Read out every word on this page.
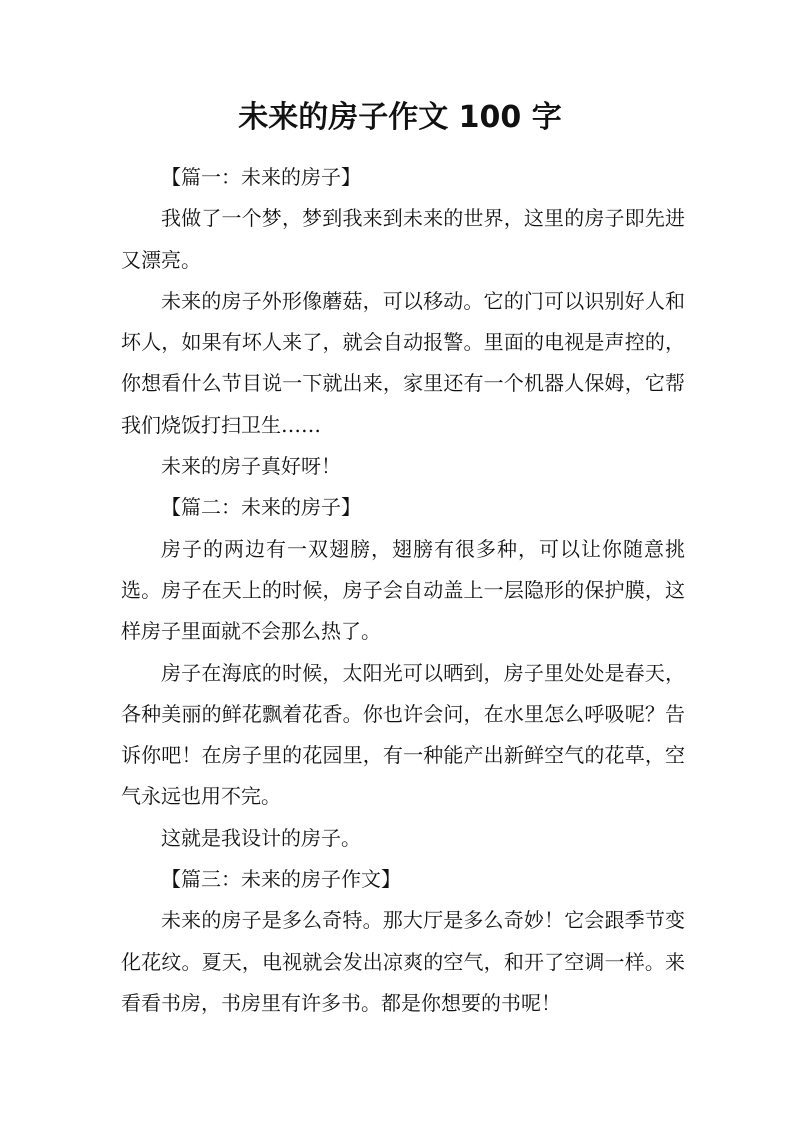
未来的房子作文 100 字

【篇一：未来的房子】

我做了一个梦，梦到我来到未来的世界，这里的房子即先进又漂亮。

未来的房子外形像蘑菇，可以移动。它的门可以识别好人和坏人，如果有坏人来了，就会自动报警。里面的电视是声控的，你想看什么节目说一下就出来，家里还有一个机器人保姆，它帮我们烧饭打扫卫生……

未来的房子真好呀！

【篇二：未来的房子】

房子的两边有一双翅膀，翅膀有很多种，可以让你随意挑选。房子在天上的时候，房子会自动盖上一层隐形的保护膜，这样房子里面就不会那么热了。

房子在海底的时候，太阳光可以晒到，房子里处处是春天，各种美丽的鲜花飘着花香。你也许会问，在水里怎么呼吸呢？告诉你吧！在房子里的花园里，有一种能产出新鲜空气的花草，空气永远也用不完。

这就是我设计的房子。

【篇三：未来的房子作文】

未来的房子是多么奇特。那大厅是多么奇妙！它会跟季节变化花纹。夏天，电视就会发出凉爽的空气，和开了空调一样。来看看书房，书房里有许多书。都是你想要的书呢！
